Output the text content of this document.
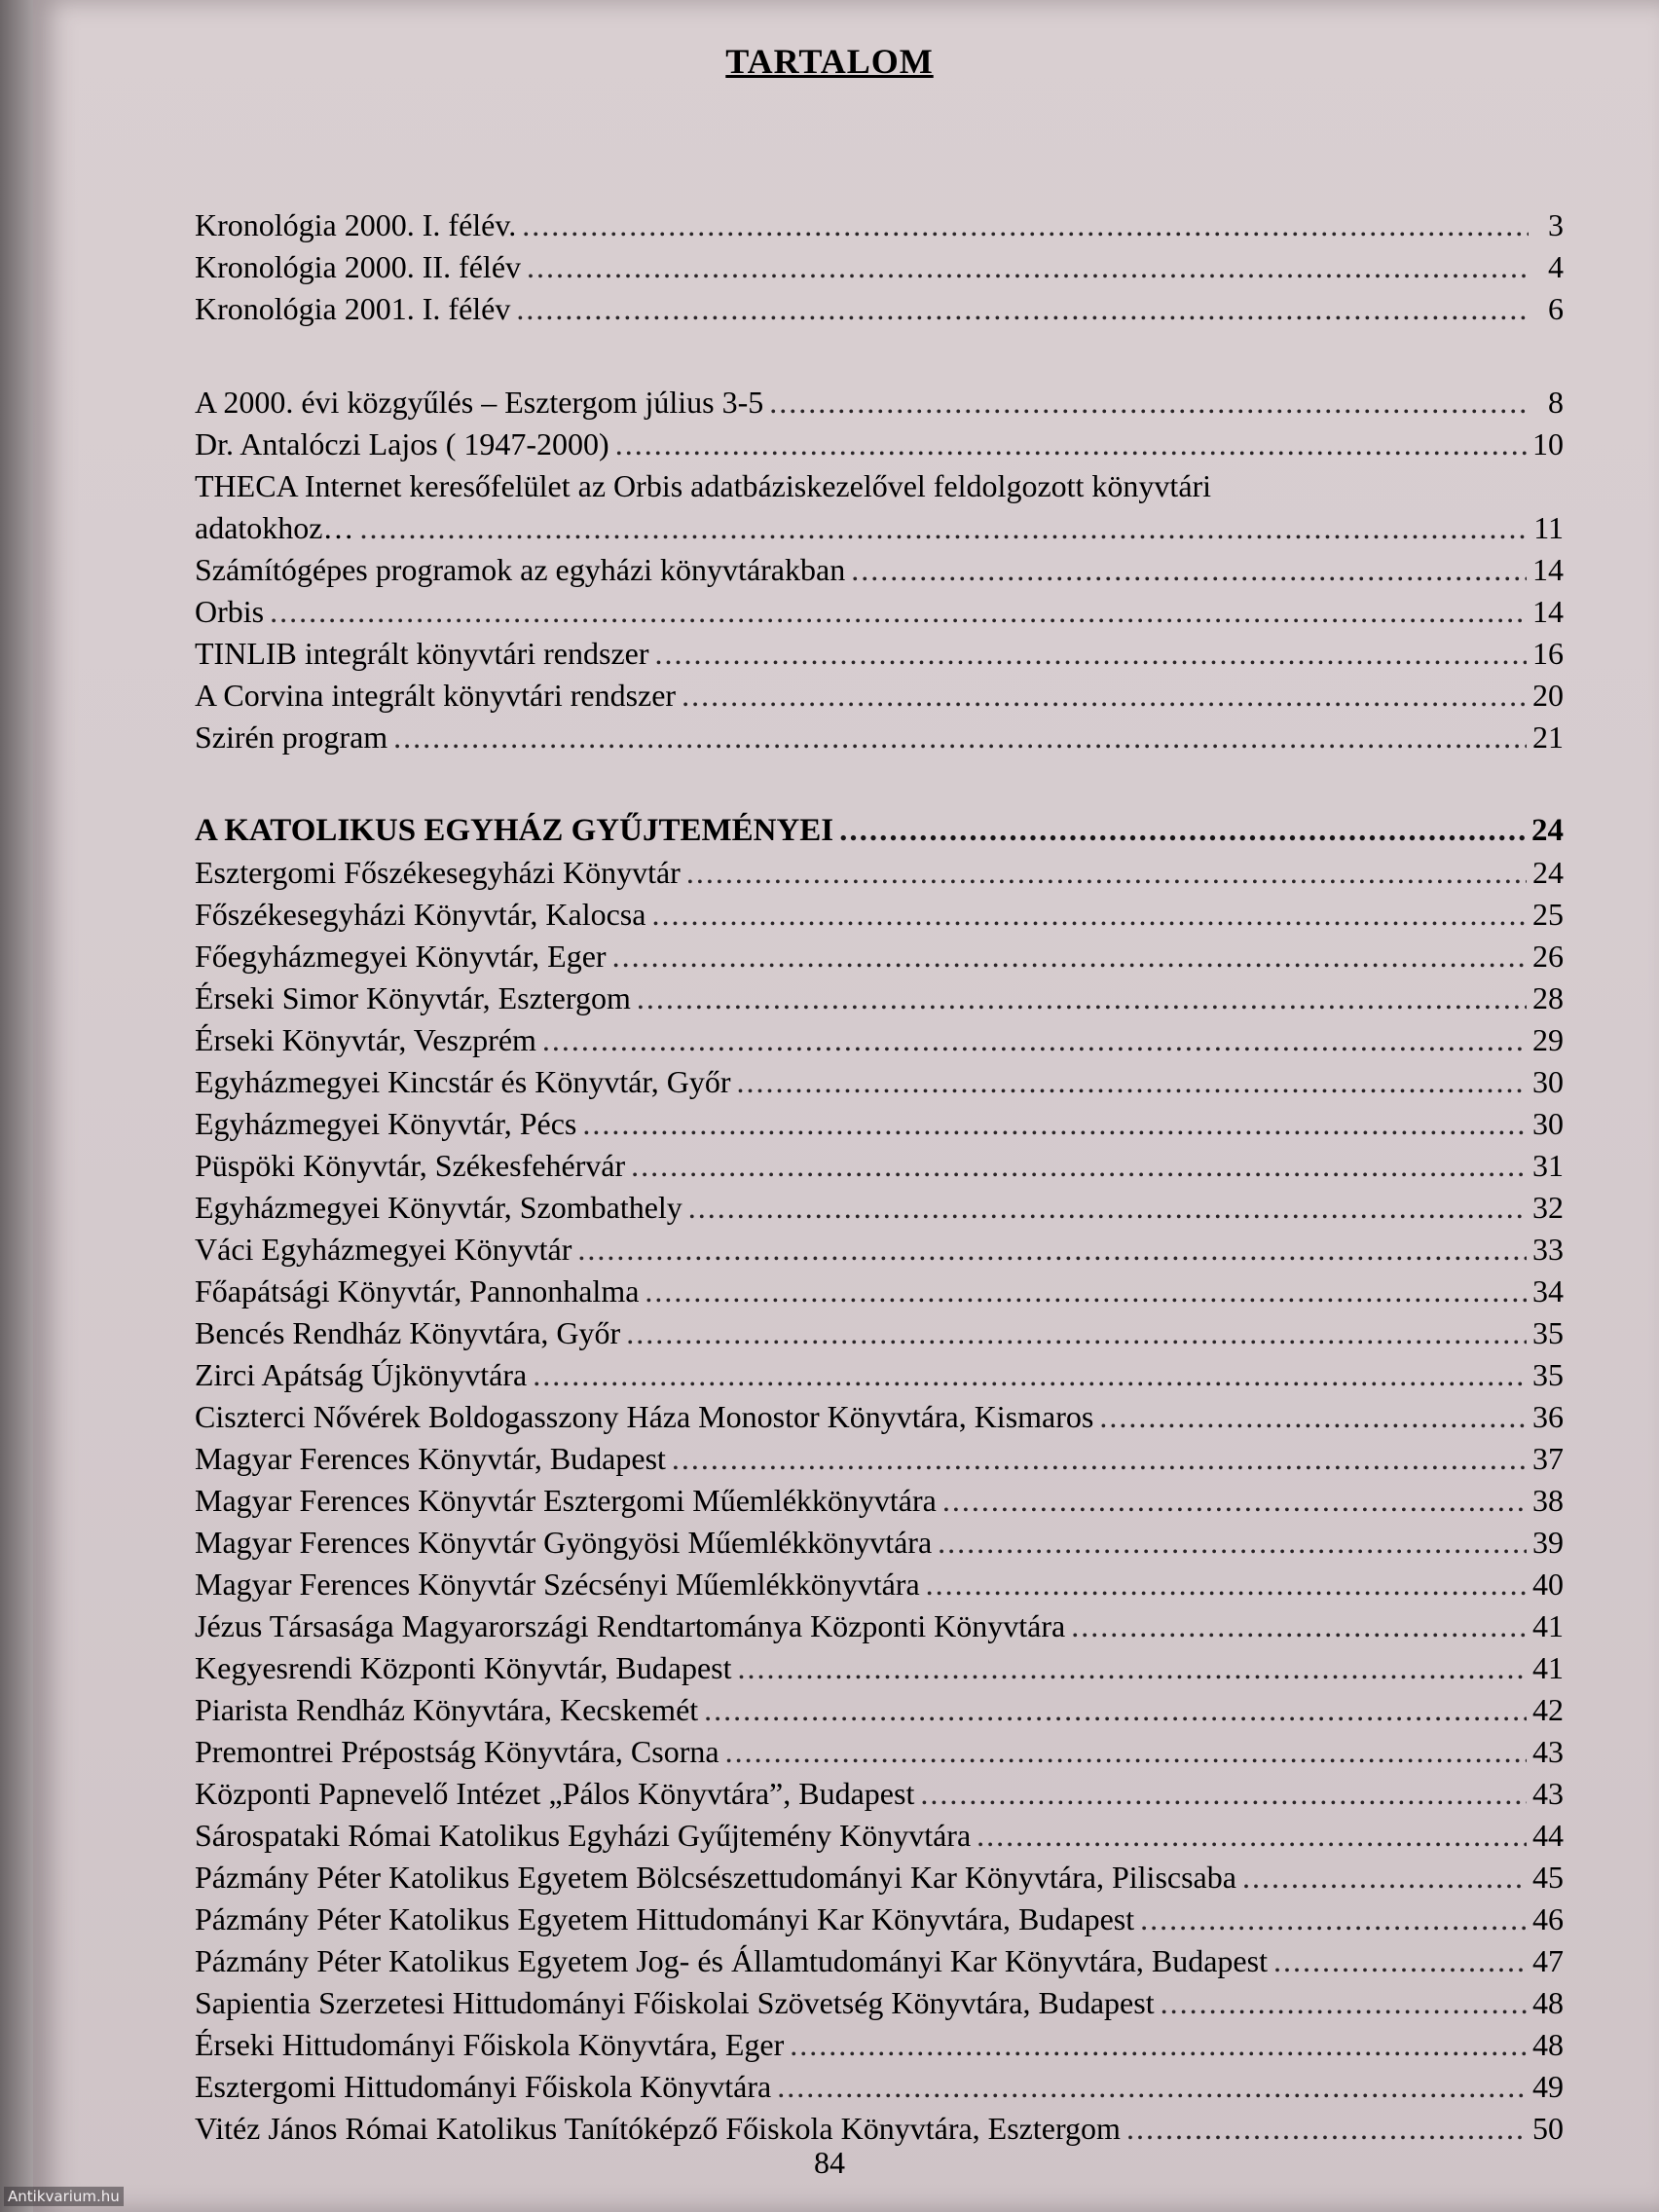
TARTALOM
Kronológia 2000. I. félév. .....	3
Kronológia 2000. II. félév .....	4
Kronológia 2001. I. félév .....	6
A 2000. évi közgyűlés – Esztergom július 3-5 .....	8
Dr. Antalóczi Lajos ( 1947-2000) .....	10
THECA Internet keresőfelület az Orbis adatbáziskezelővel feldolgozott könyvtári
adatokhoz… .....	11
Számítógépes programok az egyházi könyvtárakban .....	14
Orbis .....	14
TINLIB integrált könyvtári rendszer .....	16
A Corvina integrált könyvtári rendszer .....	20
Szirén program .....	21
A KATOLIKUS EGYHÁZ GYŰJTEMÉNYEI .....	24
Esztergomi Főszékesegyházi Könyvtár .....	24
Főszékesegyházi Könyvtár, Kalocsa .....	25
Főegyházmegyei Könyvtár, Eger .....	26
Érseki Simor Könyvtár, Esztergom .....	28
Érseki Könyvtár, Veszprém .....	29
Egyházmegyei Kincstár és Könyvtár, Győr .....	30
Egyházmegyei Könyvtár, Pécs .....	30
Püspöki Könyvtár, Székesfehérvár .....	31
Egyházmegyei Könyvtár, Szombathely .....	32
Váci Egyházmegyei Könyvtár .....	33
Főapátsági Könyvtár, Pannonhalma .....	34
Bencés Rendház Könyvtára, Győr .....	35
Zirci Apátság Újkönyvtára .....	35
Ciszterci Nővérek Boldogasszony Háza Monostor Könyvtára, Kismaros .....	36
Magyar Ferences Könyvtár, Budapest .....	37
Magyar Ferences Könyvtár Esztergomi Műemlékkönyvtára .....	38
Magyar Ferences Könyvtár Gyöngyösi Műemlékkönyvtára .....	39
Magyar Ferences Könyvtár Szécsényi Műemlékkönyvtára .....	40
Jézus Társasága Magyarországi Rendtartománya Központi Könyvtára .....	41
Kegyesrendi Központi Könyvtár, Budapest .....	41
Piarista Rendház Könyvtára, Kecskemét .....	42
Premontrei Prépostság Könyvtára, Csorna .....	43
Központi Papnevelő Intézet „Pálos Könyvtára”, Budapest .....	43
Sárospataki Római Katolikus Egyházi Gyűjtemény Könyvtára .....	44
Pázmány Péter Katolikus Egyetem Bölcsészettudományi Kar Könyvtára, Piliscsaba .....	45
Pázmány Péter Katolikus Egyetem Hittudományi Kar Könyvtára, Budapest .....	46
Pázmány Péter Katolikus Egyetem Jog- és Államtudományi Kar Könyvtára, Budapest .....	47
Sapientia Szerzetesi Hittudományi Főiskolai Szövetség Könyvtára, Budapest .....	48
Érseki Hittudományi Főiskola Könyvtára, Eger .....	48
Esztergomi Hittudományi Főiskola Könyvtára .....	49
Vitéz János Római Katolikus Tanítóképző Főiskola Könyvtára, Esztergom .....	50
84
Antikvarium.hu
